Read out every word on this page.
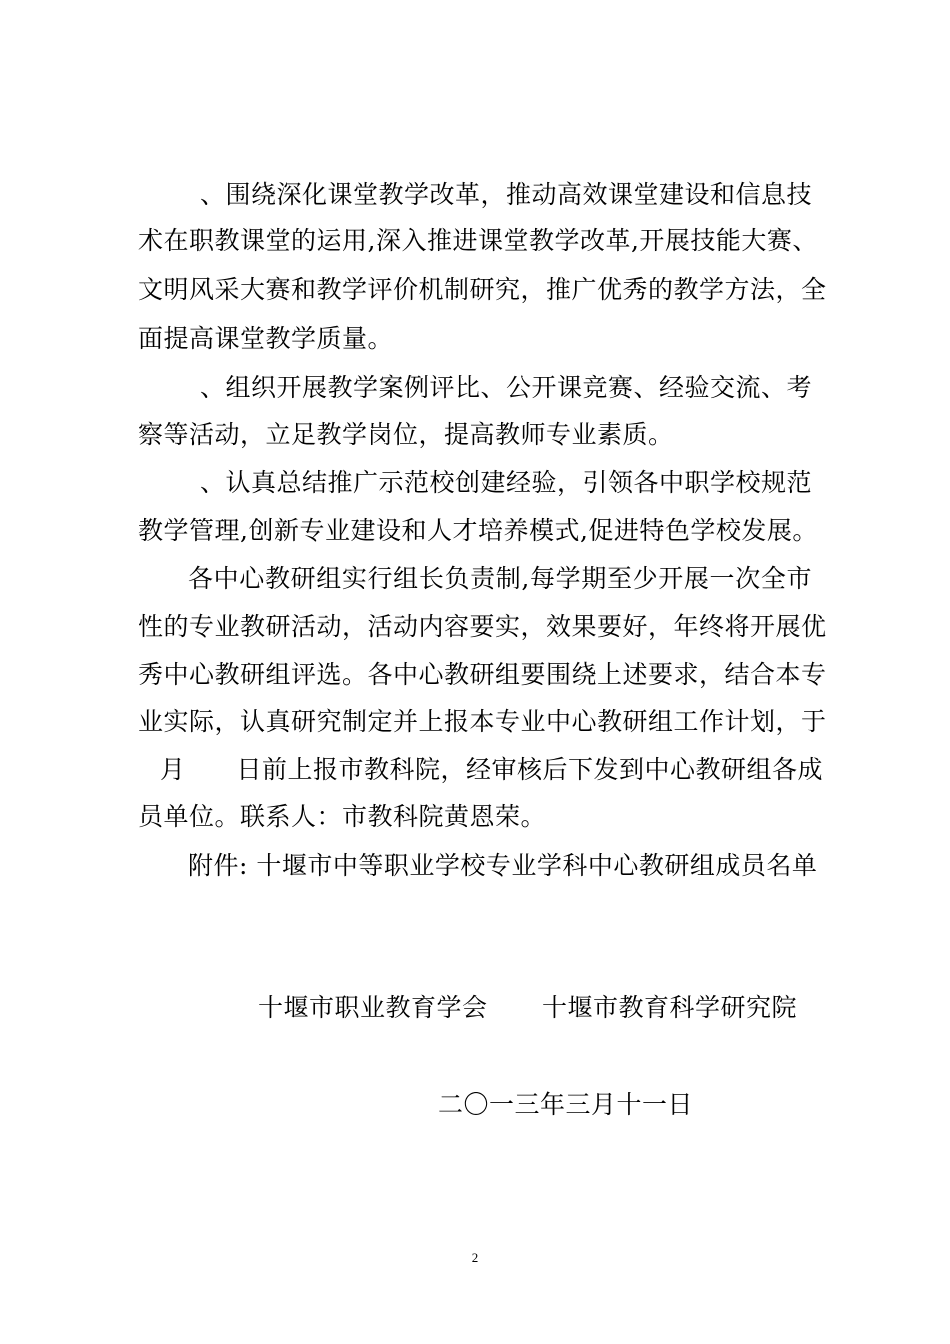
、围绕深化课堂教学改革，推动高效课堂建设和信息技
术在职教课堂的运用,深入推进课堂教学改革,开展技能大赛、
文明风采大赛和教学评价机制研究，推广优秀的教学方法，全
面提高课堂教学质量。
、组织开展教学案例评比、公开课竞赛、经验交流、考
察等活动，立足教学岗位，提高教师专业素质。
、认真总结推广示范校创建经验，引领各中职学校规范
教学管理,创新专业建设和人才培养模式,促进特色学校发展。
各中心教研组实行组长负责制,每学期至少开展一次全市
性的专业教研活动，活动内容要实，效果要好，年终将开展优
秀中心教研组评选。各中心教研组要围绕上述要求，结合本专
业实际，认真研究制定并上报本专业中心教研组工作计划，于
月　　日前上报市教科院，经审核后下发到中心教研组各成
员单位。联系人：市教科院黄恩荣。
附件: 十堰市中等职业学校专业学科中心教研组成员名单
十堰市职业教育学会 十堰市教育科学研究院
二〇一三年三月十一日
2
